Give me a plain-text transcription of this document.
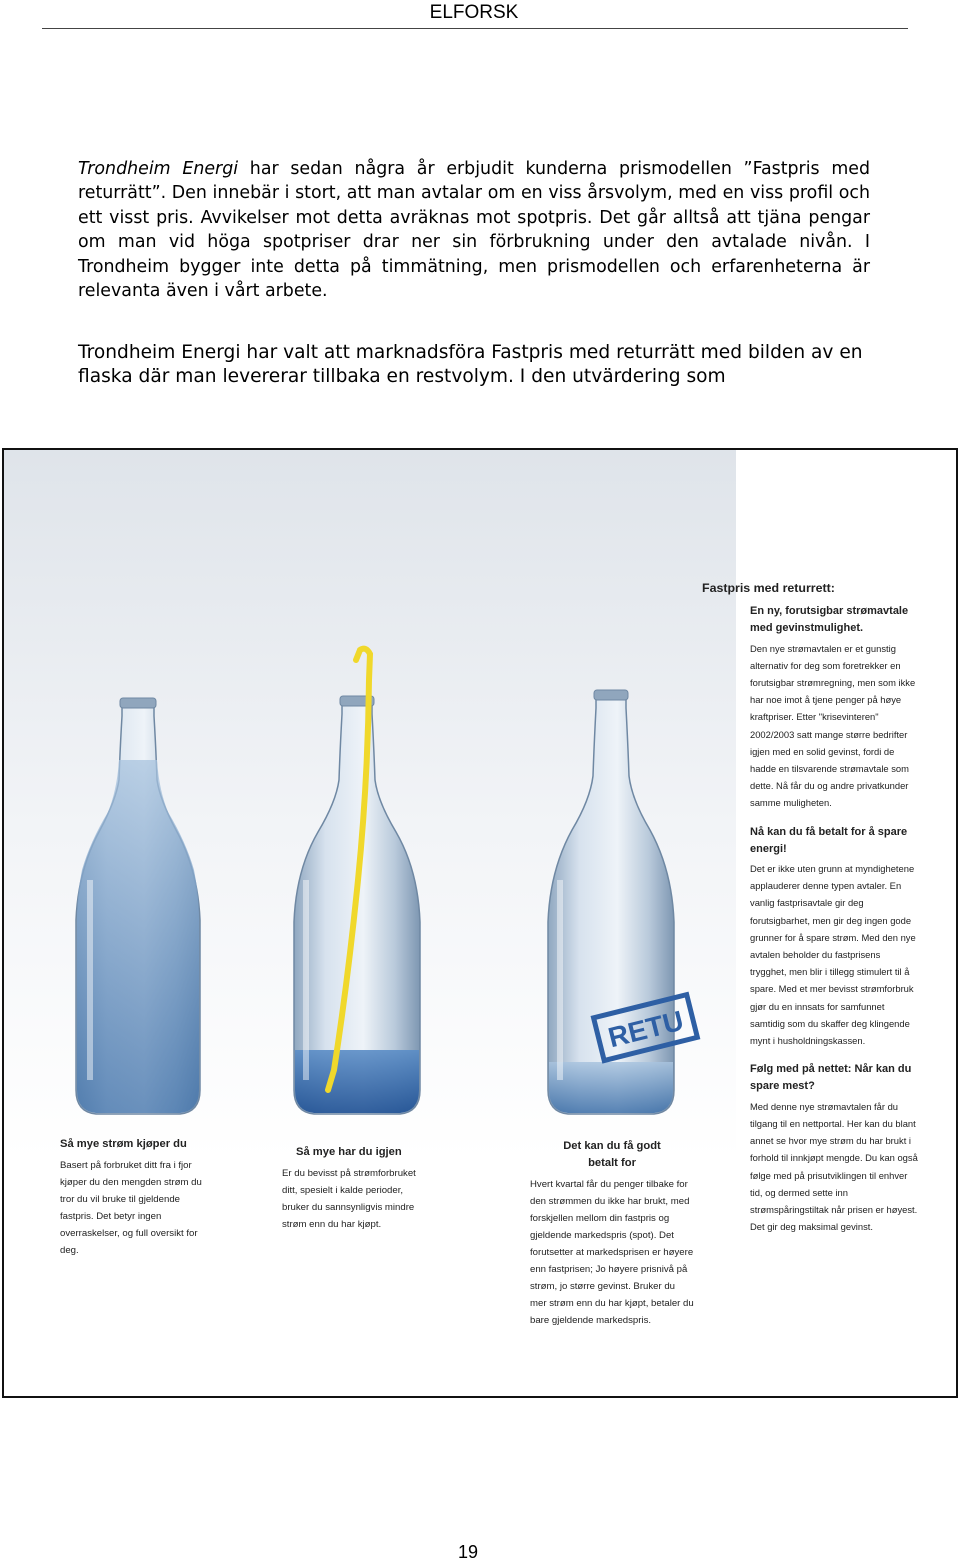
ELFORSK

Trondheim Energi har sedan några år erbjudit kunderna prismodellen ”Fastpris med returrätt”. Den innebär i stort, att man avtalar om en viss årsvolym, med en viss profil och ett visst pris. Avvikelser mot detta avräknas mot spotpris. Det går alltså att tjäna pengar om man vid höga spotpriser drar ner sin förbrukning under den avtalade nivån. I Trondheim bygger inte detta på timmätning, men prismodellen och erfarenheterna är relevanta även i vårt arbete.

Trondheim Energi har valt att marknadsföra Fastpris med returrätt med bilden av en flaska där man levererar tillbaka en restvolym. I den utvärdering som

RETU
Så mye strøm kjøper du
Basert på forbruket ditt fra i fjor kjøper du den mengden strøm du tror du vil bruke til gjeldende fastpris. Det betyr ingen overraskelser, og full oversikt for deg.
Så mye har du igjen
Er du bevisst på strømforbruket ditt, spesielt i kalde perioder, bruker du sannsynligvis mindre strøm enn du har kjøpt.
Det kan du få godt betalt for
Hvert kvartal får du penger tilbake for den strømmen du ikke har brukt, med forskjellen mellom din fastpris og gjeldende markedspris (spot). Det forutsetter at markedsprisen er høyere enn fastprisen; Jo høyere prisnivå på strøm, jo større gevinst. Bruker du mer strøm enn du har kjøpt, betaler du bare gjeldende markedspris.
Fastpris med returrett:
En ny, forutsigbar strømavtale med gevinstmulighet.
Den nye strømavtalen er et gunstig alternativ for deg som foretrekker en forutsigbar strømregning, men som ikke har noe imot å tjene penger på høye kraftpriser. Etter "krisevinteren" 2002/2003 satt mange større bedrifter igjen med en solid gevinst, fordi de hadde en tilsvarende strømavtale som dette. Nå får du og andre privatkunder samme muligheten.
Nå kan du få betalt for å spare energi!
Det er ikke uten grunn at myndighetene applauderer denne typen avtaler. En vanlig fastprisavtale gir deg forutsigbarhet, men gir deg ingen gode grunner for å spare strøm. Med den nye avtalen beholder du fastprisens trygghet, men blir i tillegg stimulert til å spare. Med et mer bevisst strømforbruk gjør du en innsats for samfunnet samtidig som du skaffer deg klingende mynt i husholdningskassen.
Følg med på nettet: Når kan du spare mest?
Med denne nye strømavtalen får du tilgang til en nettportal. Her kan du blant annet se hvor mye strøm du har brukt i forhold til innkjøpt mengde. Du kan også følge med på prisutviklingen til enhver tid, og dermed sette inn strømspåringstiltak når prisen er høyest. Det gir deg maksimal gevinst.
19
